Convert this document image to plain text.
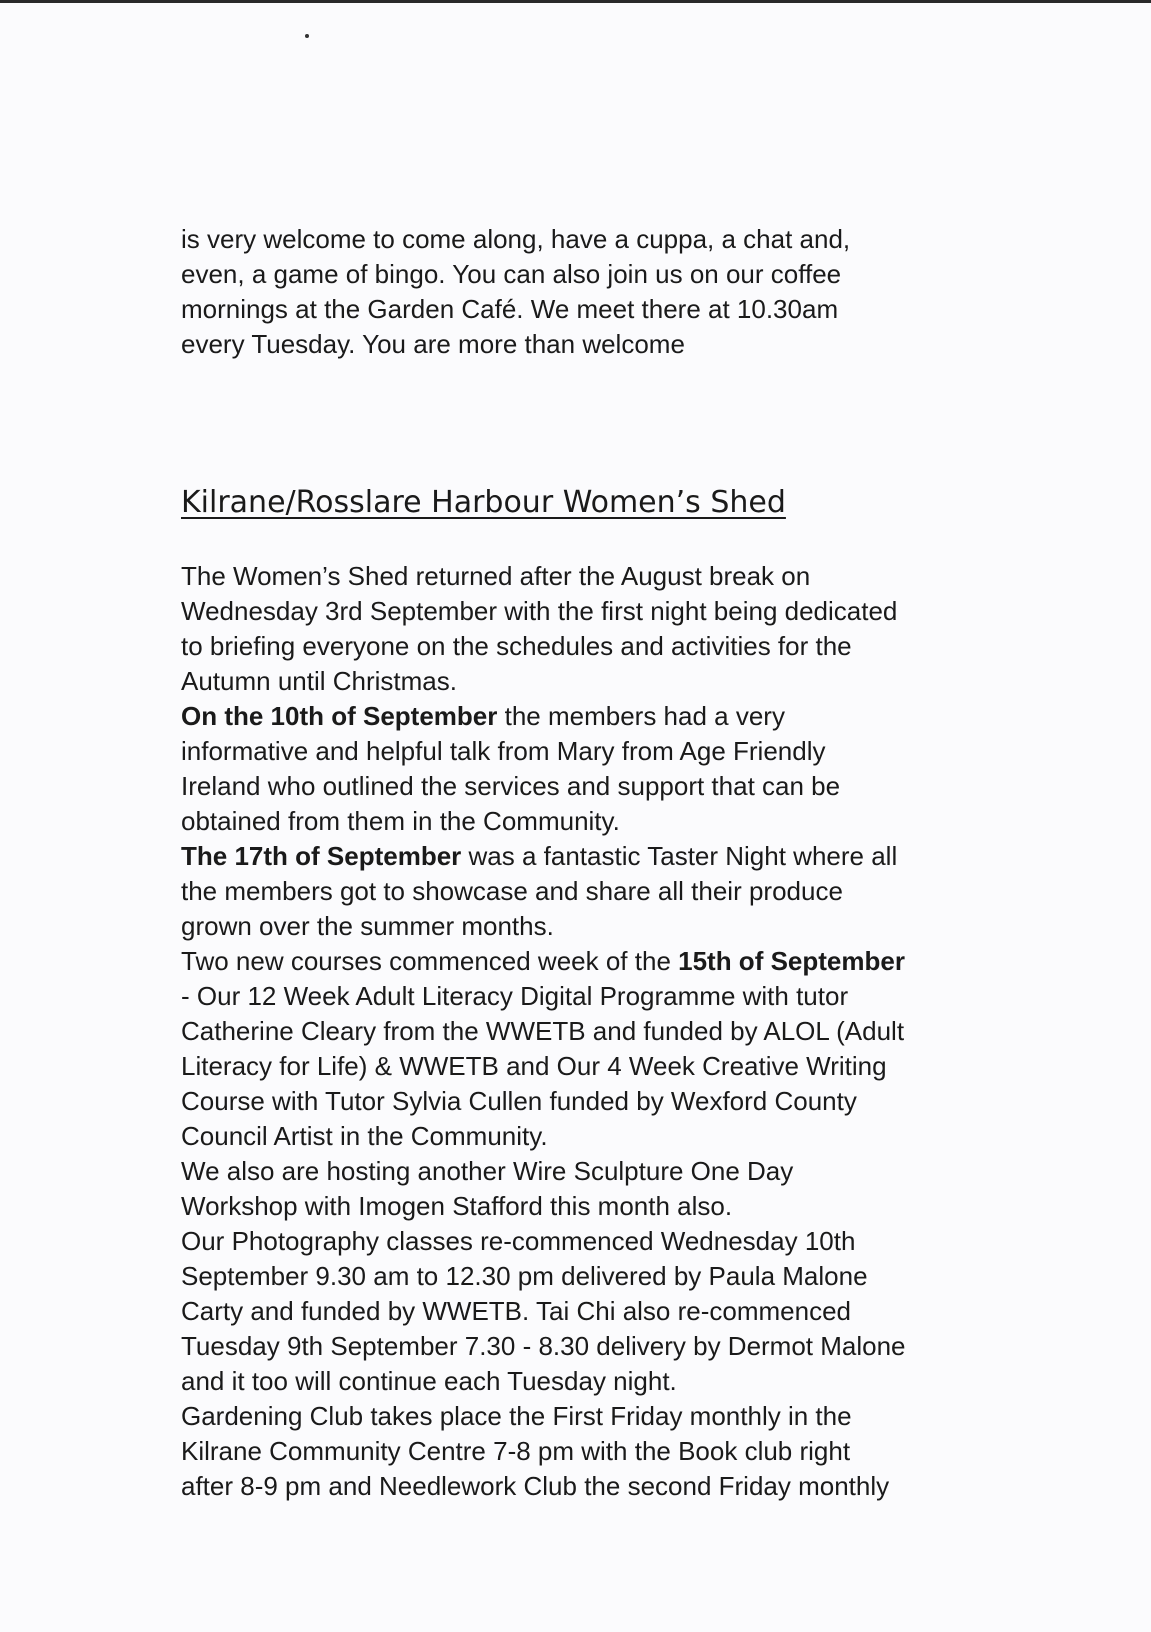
is very welcome to come along, have a cuppa, a chat and,

even, a game of bingo. You can also join us on our coffee

mornings at the Garden Café. We meet there at 10.30am

every Tuesday. You are more than welcome

Kilrane/Rosslare Harbour Women’s Shed

The Women’s Shed returned after the August break on

Wednesday 3rd September with the first night being dedicated

to briefing everyone on the schedules and activities for the

Autumn until Christmas.

On the 10th of September the members had a very

informative and helpful talk from Mary from Age Friendly

Ireland who outlined the services and support that can be

obtained from them in the Community.

The 17th of September was a fantastic Taster Night where all

the members got to showcase and share all their produce

grown over the summer months.

Two new courses commenced week of the 15th of September

- Our 12 Week Adult Literacy Digital Programme with tutor

Catherine Cleary from the WWETB and funded by ALOL (Adult

Literacy for Life) & WWETB and Our 4 Week Creative Writing

Course with Tutor Sylvia Cullen funded by Wexford County

Council Artist in the Community.

We also are hosting another Wire Sculpture One Day

Workshop with Imogen Stafford this month also.

Our Photography classes re-commenced Wednesday 10th

September 9.30 am to 12.30 pm delivered by Paula Malone

Carty and funded by WWETB. Tai Chi also re-commenced

Tuesday 9th September 7.30 - 8.30 delivery by Dermot Malone

and it too will continue each Tuesday night.

Gardening Club takes place the First Friday monthly in the

Kilrane Community Centre 7-8 pm with the Book club right

after 8-9 pm and Needlework Club the second Friday monthly
